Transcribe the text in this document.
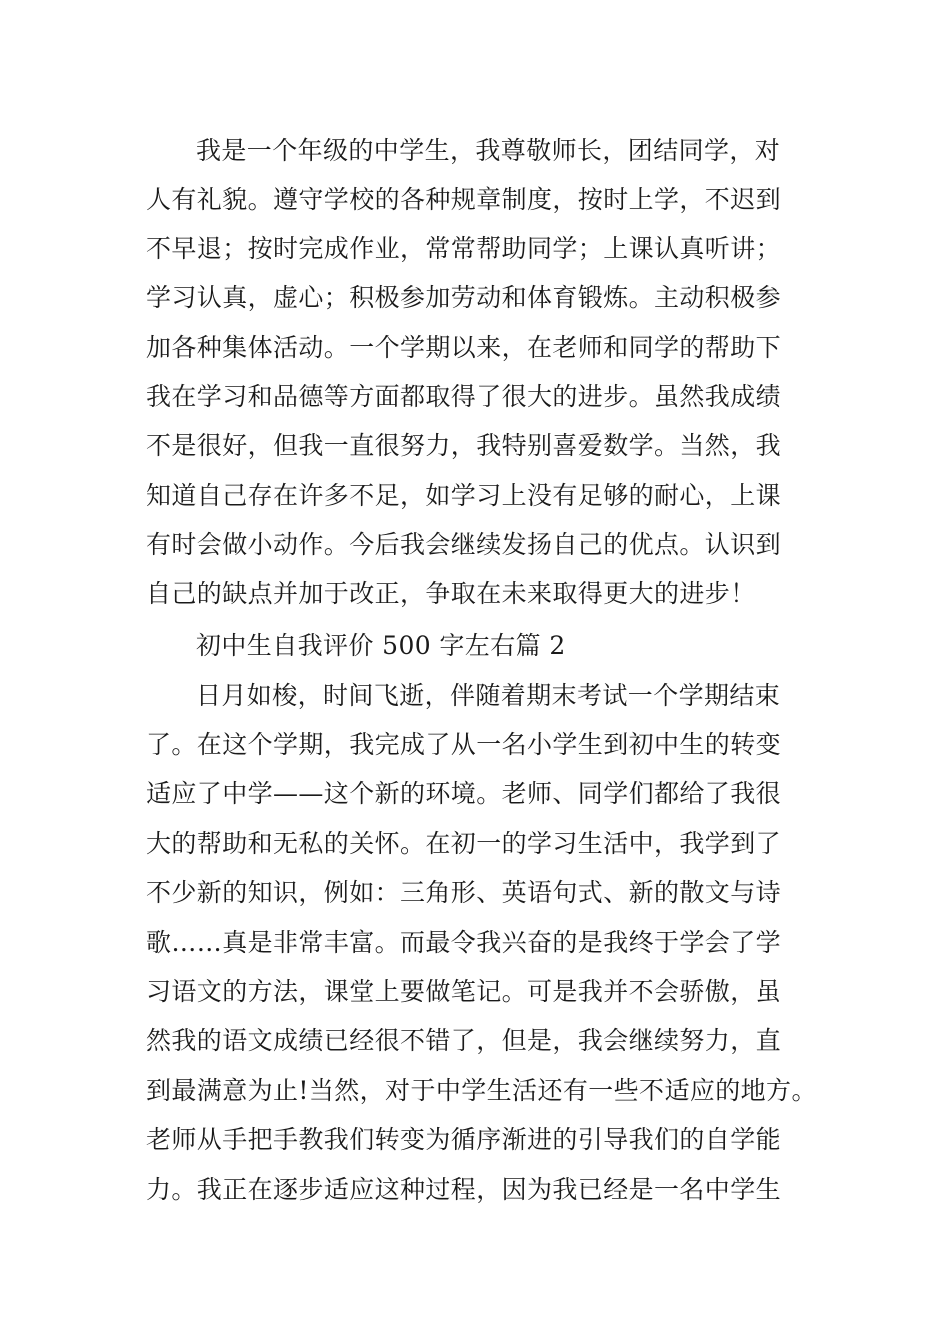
我是一个年级的中学生，我尊敬师长，团结同学，对
人有礼貌。遵守学校的各种规章制度，按时上学，不迟到
不早退；按时完成作业，常常帮助同学；上课认真听讲；
学习认真，虚心；积极参加劳动和体育锻炼。主动积极参
加各种集体活动。一个学期以来，在老师和同学的帮助下
我在学习和品德等方面都取得了很大的进步。虽然我成绩
不是很好，但我一直很努力，我特别喜爱数学。当然，我
知道自己存在许多不足，如学习上没有足够的耐心，上课
有时会做小动作。今后我会继续发扬自己的优点。认识到
自己的缺点并加于改正，争取在未来取得更大的进步！
初中生自我评价 500 字左右篇 2
日月如梭，时间飞逝，伴随着期末考试一个学期结束
了。在这个学期，我完成了从一名小学生到初中生的转变
适应了中学——这个新的环境。老师、同学们都给了我很
大的帮助和无私的关怀。在初一的学习生活中，我学到了
不少新的知识，例如：三角形、英语句式、新的散文与诗
歌……真是非常丰富。而最令我兴奋的是我终于学会了学
习语文的方法，课堂上要做笔记。可是我并不会骄傲，虽
然我的语文成绩已经很不错了，但是，我会继续努力，直
到最满意为止!当然，对于中学生活还有一些不适应的地方。
老师从手把手教我们转变为循序渐进的引导我们的自学能
力。我正在逐步适应这种过程，因为我已经是一名中学生
